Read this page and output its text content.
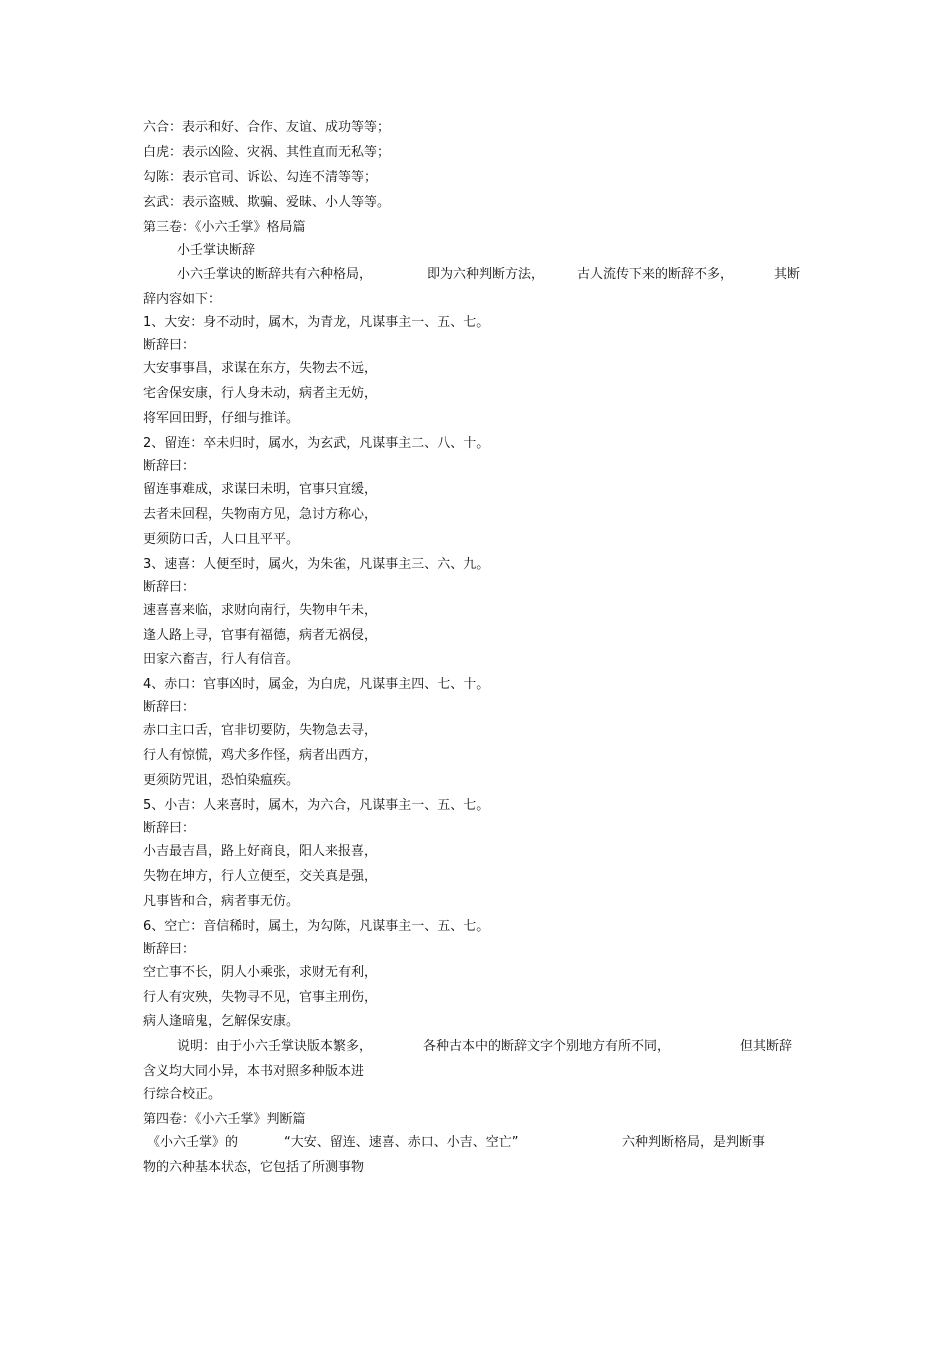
六合：表示和好、合作、友谊、成功等等；
白虎：表示凶险、灾祸、其性直而无私等；
勾陈：表示官司、诉讼、勾连不清等等；
玄武：表示盗贼、欺骗、爱昧、小人等等。
第三卷：《小六壬掌》格局篇
小壬掌诀断辞
小六壬掌诀的断辞共有六种格局，	即为六种判断方法，	古人流传下来的断辞不多，	其断
辞内容如下：
1、大安：身不动时，属木，为青龙，凡谋事主一、五、七。
断辞曰：
大安事事昌，求谋在东方，失物去不远，
宅舍保安康，行人身未动，病者主无妨，
将军回田野，仔细与推详。
2、留连：卒未归时，属水，为玄武，凡谋事主二、八、十。
断辞曰：
留连事难成，求谋曰未明，官事只宜缓，
去者未回程，失物南方见，急讨方称心，
更须防口舌，人口且平平。
3、速喜：人便至时，属火，为朱雀，凡谋事主三、六、九。
断辞曰：
速喜喜来临，求财向南行，失物申午未，
逢人路上寻，官事有福德，病者无祸侵，
田家六畜吉，行人有信音。
4、赤口：官事凶时，属金，为白虎，凡谋事主四、七、十。
断辞曰：
赤口主口舌，官非切要防，失物急去寻，
行人有惊慌，鸡犬多作怪，病者出西方，
更须防咒诅，恐怕染瘟疾。
5、小吉：人来喜时，属木，为六合，凡谋事主一、五、七。
断辞曰：
小吉最吉昌，路上好商良，阳人来报喜，
失物在坤方，行人立便至，交关真是强，
凡事皆和合，病者事无仿。
6、空亡：音信稀时，属土，为勾陈，凡谋事主一、五、七。
断辞曰：
空亡事不长，阴人小乘张，求财无有利，
行人有灾殃，失物寻不见，官事主刑伤，
病人逢暗鬼，乞解保安康。
说明：由于小六壬掌诀版本繁多，	各种古本中的断辞文字个别地方有所不同，	但其断辞
含义均大同小异，本书对照多种版本进
行综合校正。
第四卷：《小六壬掌》判断篇
《小六壬掌》的	“大安、留连、速喜、赤口、小吉、空亡”	六种判断格局，是判断事
物的六种基本状态，它包括了所测事物
